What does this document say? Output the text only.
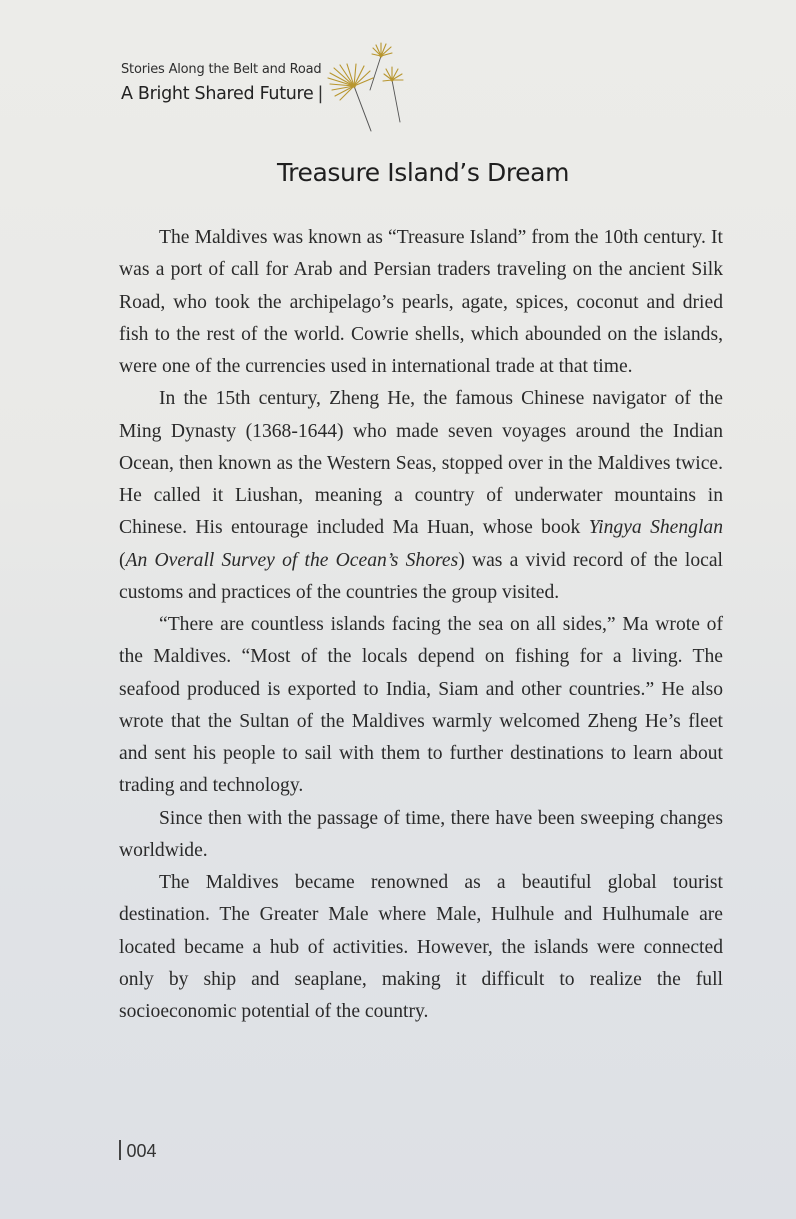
Stories Along the Belt and Road
A Bright Shared Future |
Treasure Island’s Dream

The Maldives was known as “Treasure Island” from the 10th century. It was a port of call for Arab and Persian traders traveling on the ancient Silk Road, who took the archipelago’s pearls, agate, spices, coconut and dried fish to the rest of the world. Cowrie shells, which abounded on the islands, were one of the currencies used in international trade at that time.

In the 15th century, Zheng He, the famous Chinese navigator of the Ming Dynasty (1368-1644) who made seven voyages around the Indian Ocean, then known as the Western Seas, stopped over in the Maldives twice. He called it Liushan, meaning a country of underwater mountains in Chinese. His entourage included Ma Huan, whose book Yingya Shenglan (An Overall Survey of the Ocean’s Shores) was a vivid record of the local customs and practices of the countries the group visited.

“There are countless islands facing the sea on all sides,” Ma wrote of the Maldives. “Most of the locals depend on fishing for a living. The seafood produced is exported to India, Siam and other countries.” He also wrote that the Sultan of the Maldives warmly welcomed Zheng He’s fleet and sent his people to sail with them to further destinations to learn about trading and technology.

Since then with the passage of time, there have been sweeping changes worldwide.

The Maldives became renowned as a beautiful global tourist destination. The Greater Male where Male, Hulhule and Hulhumale are located became a hub of activities. However, the islands were connected only by ship and seaplane, making it difficult to realize the full socioeconomic potential of the country.

004
